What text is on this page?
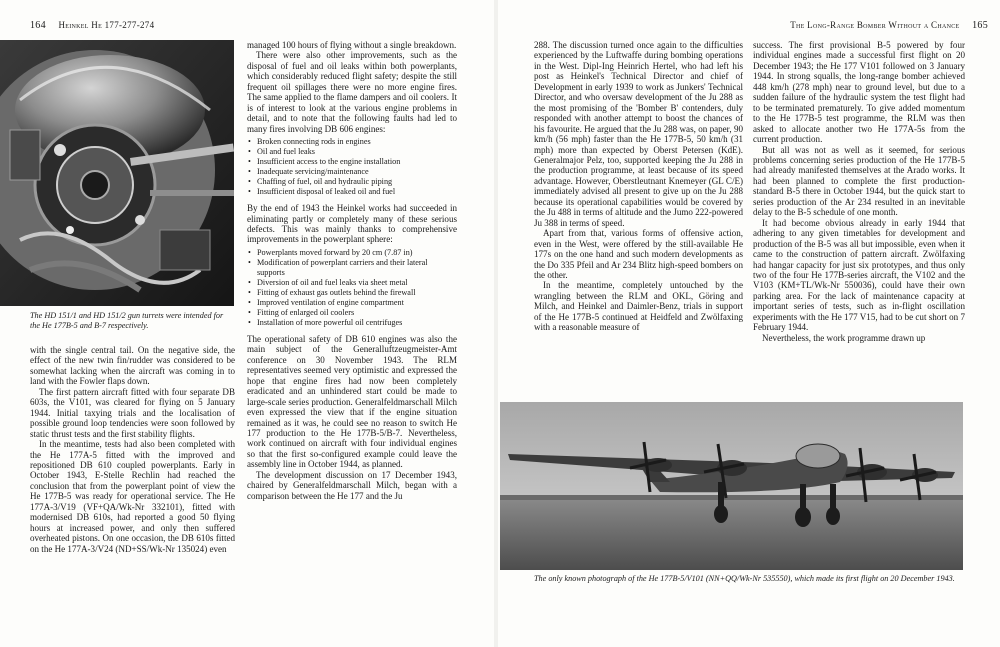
164 Heinkel He 177-277-274
The HD 151/1 and HD 151/2 gun turrets were intended for the He 177B-5 and B-7 respectively.

with the single central tail. On the negative side, the effect of the new twin fin/rudder was considered to be somewhat lacking when the aircraft was coming in to land with the Fowler flaps down.

The first pattern aircraft fitted with four separate DB 603s, the V101, was cleared for flying on 5 January 1944. Initial taxying trials and the localisation of possible ground loop tendencies were soon followed by static thrust tests and the first stability flights.

In the meantime, tests had also been completed with the He 177A-5 fitted with the improved and repositioned DB 610 coupled powerplants. Early in October 1943, E-Stelle Rechlin had reached the conclusion that from the powerplant point of view the He 177B-5 was ready for operational service. The He 177A-3/V19 (VF+QA/Wk-Nr 332101), fitted with modernised DB 610s, had reported a good 50 flying hours at increased power, and only then suffered overheated pistons. On one occasion, the DB 610s fitted on the He 177A-3/V24 (ND+SS/Wk-Nr 135024) even

managed 100 hours of flying without a single breakdown.

There were also other improvements, such as the disposal of fuel and oil leaks within both powerplants, which considerably reduced flight safety; despite the still frequent oil spillages there were no more engine fires. The same applied to the flame dampers and oil coolers. It is of interest to look at the various engine problems in detail, and to note that the following faults had led to many fires involving DB 606 engines:

• Broken connecting rods in engines
• Oil and fuel leaks
• Insufficient access to the engine installation
• Inadequate servicing/maintenance
• Chaffing of fuel, oil and hydraulic piping
• Insufficient disposal of leaked oil and fuel

By the end of 1943 the Heinkel works had succeeded in eliminating partly or completely many of these serious defects. This was mainly thanks to comprehensive improvements in the powerplant sphere:

• Powerplants moved forward by 20 cm (7.87 in)
• Modification of powerplant carriers and their lateral supports
• Diversion of oil and fuel leaks via sheet metal
• Fitting of exhaust gas outlets behind the firewall
• Improved ventilation of engine compartment
• Fitting of enlarged oil coolers
• Installation of more powerful oil centrifuges

The operational safety of DB 610 engines was also the main subject of the Generalluftzeugmeister-Amt conference on 30 November 1943. The RLM representatives seemed very optimistic and expressed the hope that engine fires had now been completely eradicated and an unhindered start could be made to large-scale series production. Generalfeldmarschall Milch even expressed the view that if the engine situation remained as it was, he could see no reason to switch He 177 production to the He 177B-5/B-7. Nevertheless, work continued on aircraft with four individual engines so that the first so-configured example could leave the assembly line in October 1944, as planned.

The development discussion on 17 December 1943, chaired by Generalfeldmarschall Milch, began with a comparison between the He 177 and the Ju

The Long-Range Bomber Without a Chance 165

288. The discussion turned once again to the difficulties experienced by the Luftwaffe during bombing operations in the West. Dipl-Ing Heinrich Hertel, who had left his post as Heinkel's Technical Director and chief of Development in early 1939 to work as Junkers' Technical Director, and who oversaw development of the Ju 288 as the most promising of the 'Bomber B' contenders, duly responded with another attempt to boost the chances of his favourite. He argued that the Ju 288 was, on paper, 90 km/h (56 mph) faster than the He 177B-5, 50 km/h (31 mph) more than expected by Oberst Petersen (KdE). Generalmajor Pelz, too, supported keeping the Ju 288 in the production programme, at least because of its speed advantage. However, Oberstleutnant Knemeyer (GL C/E) immediately advised all present to give up on the Ju 288 because its operational capabilities would be covered by the Ju 488 in terms of altitude and the Jumo 222-powered Ju 388 in terms of speed.

Apart from that, various forms of offensive action, even in the West, were offered by the still-available He 177s on the one hand and such modern developments as the Do 335 Pfeil and Ar 234 Blitz high-speed bombers on the other.

In the meantime, completely untouched by the wrangling between the RLM and OKL, Göring and Milch, and Heinkel and Daimler-Benz, trials in support of the He 177B-5 continued at Heidfeld and Zwölfaxing with a reasonable measure of

success. The first provisional B-5 powered by four individual engines made a successful first flight on 20 December 1943; the He 177 V101 followed on 3 January 1944. In strong squalls, the long-range bomber achieved 448 km/h (278 mph) near to ground level, but due to a sudden failure of the hydraulic system the test flight had to be terminated prematurely. To give added momentum to the He 177B-5 test programme, the RLM was then asked to allocate another two He 177A-5s from the current production.

But all was not as well as it seemed, for serious problems concerning series production of the He 177B-5 had already manifested themselves at the Arado works. It had been planned to complete the first production-standard B-5 there in October 1944, but the quick start to series production of the Ar 234 resulted in an inevitable delay to the B-5 schedule of one month.

It had become obvious already in early 1944 that adhering to any given timetables for development and production of the B-5 was all but impossible, even when it came to the construction of pattern aircraft. Zwölfaxing had hangar capacity for just six prototypes, and thus only two of the four He 177B-series aircraft, the V102 and the V103 (KM+TL/Wk-Nr 550036), could have their own parking area. For the lack of maintenance capacity at important series of tests, such as in-flight oscillation experiments with the He 177 V15, had to be cut short on 7 February 1944.

Nevertheless, the work programme drawn up

The only known photograph of the He 177B-5/V101 (NN+QQ/Wk-Nr 535550), which made its first flight on 20 December 1943.
